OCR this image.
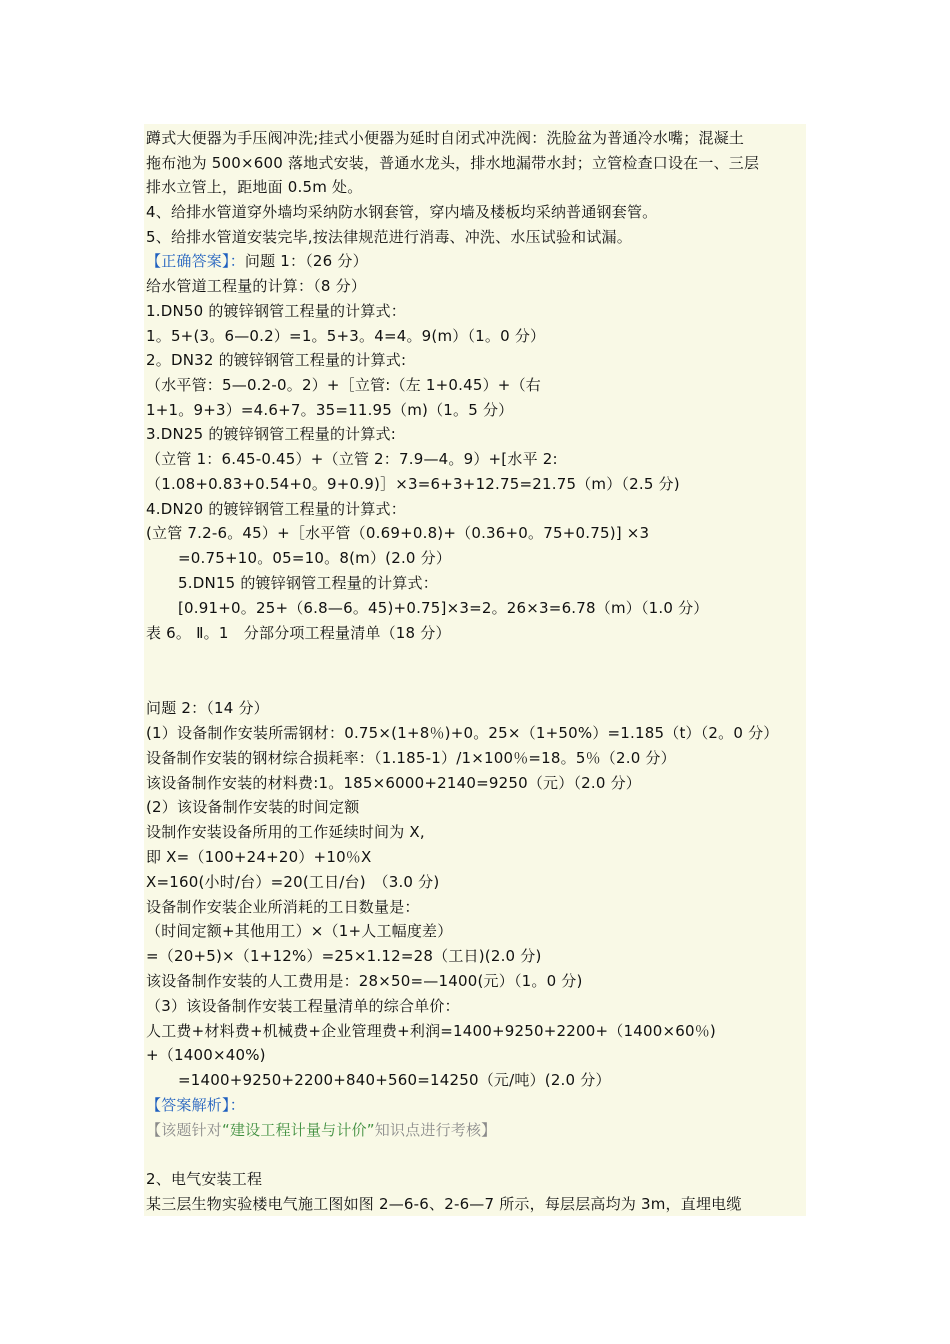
蹲式大便器为手压阀冲洗;挂式小便器为延时自闭式冲洗阀：洗脸盆为普通冷水嘴；混凝土
拖布池为 500×600 落地式安装，普通水龙头，排水地漏带水封；立管检查口设在一、三层
排水立管上，距地面 0.5m 处。
4、给排水管道穿外墙均采纳防水钢套管，穿内墙及楼板均采纳普通钢套管。
5、给排水管道安装完毕,按法律规范进行消毒、冲洗、水压试验和试漏。
【正确答案】：问题 1：（26 分）
给水管道工程量的计算：（8 分）
1.DN50 的镀锌钢管工程量的计算式：
1。5+(3。6—0.2）=1。5+3。4=4。9(m）（1。0 分）
2。DN32 的镀锌钢管工程量的计算式:
（水平管：5—0.2-0。2）+［立管:（左 1+0.45）+（右
1+1。9+3）=4.6+7。35=11.95（m)（1。5 分）
3.DN25 的镀锌钢管工程量的计算式:
（立管 1：6.45-0.45）+（立管 2：7.9—4。9）+[水平 2:
（1.08+0.83+0.54+0。9+0.9)］×3=6+3+12.75=21.75（m）（2.5 分)
4.DN20 的镀锌钢管工程量的计算式：
(立管 7.2-6。45）+［水平管（0.69+0.8)+（0.36+0。75+0.75)] ×3
=0.75+10。05=10。8(m）(2.0 分）
5.DN15 的镀锌钢管工程量的计算式：
[0.91+0。25+（6.8—6。45)+0.75]×3=2。26×3=6.78（m）（1.0 分）
表 6。 Ⅱ。1　分部分项工程量清单（18 分）
问题 2：（14 分）
(1）设备制作安装所需钢材：0.75×(1+8％)+0。25×（1+50%）=1.185（t）（2。0 分）
设备制作安装的钢材综合损耗率：（1.185-1）/1×100％=18。5％（2.0 分）
该设备制作安装的材料费:1。185×6000+2140=9250（元）（2.0 分）
(2）该设备制作安装的时间定额
设制作安装设备所用的工作延续时间为 X,
即 X=（100+24+20）+10％X
X=160(小时/台）=20(工日/台)　（3.0 分)
设备制作安装企业所消耗的工日数量是：
（时间定额+其他用工）×（1+人工幅度差）
=（20+5)×（1+12%）=25×1.12=28（工日)(2.0 分)
该设备制作安装的人工费用是：28×50=—1400(元）（1。0 分)
（3）该设备制作安装工程量清单的综合单价：
人工费+材料费+机械费+企业管理费+利润=1400+9250+2200+（1400×60％)
+（1400×40%)
=1400+9250+2200+840+560=14250（元/吨）(2.0 分）
【答案解析】：
【该题针对“建设工程计量与计价”知识点进行考核】
2、电气安装工程
某三层生物实验楼电气施工图如图 2—6-6、2-6—7 所示，每层层高均为 3m，直埋电缆
